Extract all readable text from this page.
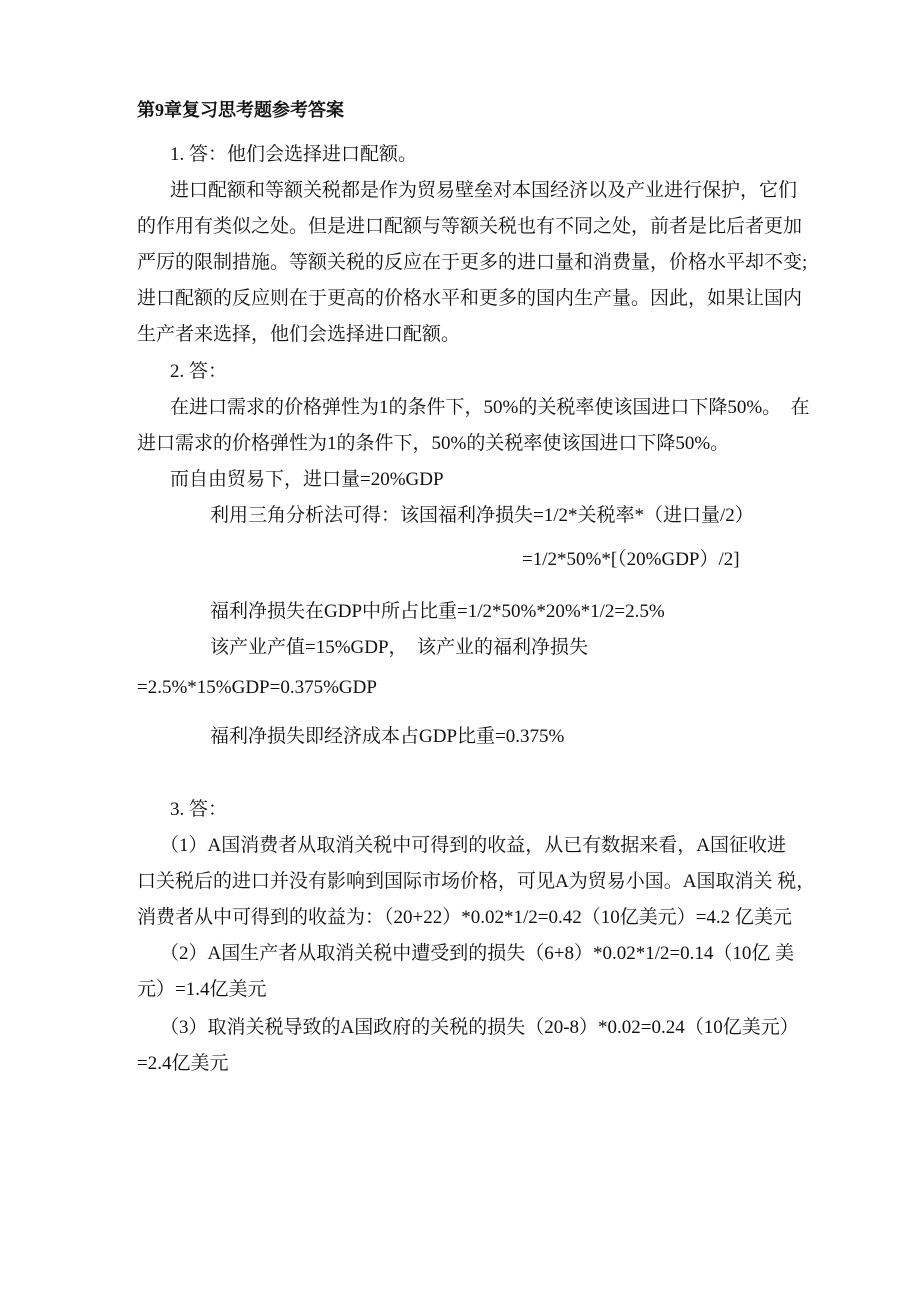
第9章复习思考题参考答案
1. 答：他们会选择进口配额。
进口配额和等额关税都是作为贸易壁垒对本国经济以及产业进行保护，它们
的作用有类似之处。但是进口配额与等额关税也有不同之处，前者是比后者更加
严厉的限制措施。等额关税的反应在于更多的进口量和消费量，价格水平却不变;
进口配额的反应则在于更高的价格水平和更多的国内生产量。因此，如果让国内
生产者来选择，他们会选择进口配额。
2. 答：
在进口需求的价格弹性为1的条件下，50%的关税率使该国进口下降50%。　在
进口需求的价格弹性为1的条件下，50%的关税率使该国进口下降50%。
而自由贸易下，进口量=20%GDP
利用三角分析法可得：该国福利净损失=1/2*关税率*（进口量/2）
=1/2*50%*[（20%GDP）/2]
福利净损失在GDP中所占比重=1/2*50%*20%*1/2=2.5%
该产业产值=15%GDP，　该产业的福利净损失
=2.5%*15%GDP=0.375%GDP
福利净损失即经济成本占GDP比重=0.375%
3. 答：
（1）A国消费者从取消关税中可得到的收益，从已有数据来看，A国征收进
口关税后的进口并没有影响到国际市场价格，可见A为贸易小国。A国取消关 税，
消费者从中可得到的收益为：（20+22）*0.02*1/2=0.42（10亿美元）=4.2 亿美元
（2）A国生产者从取消关税中遭受到的损失（6+8）*0.02*1/2=0.14（10亿 美
元）=1.4亿美元
（3）取消关税导致的A国政府的关税的损失（20-8）*0.02=0.24（10亿美元）
=2.4亿美元
